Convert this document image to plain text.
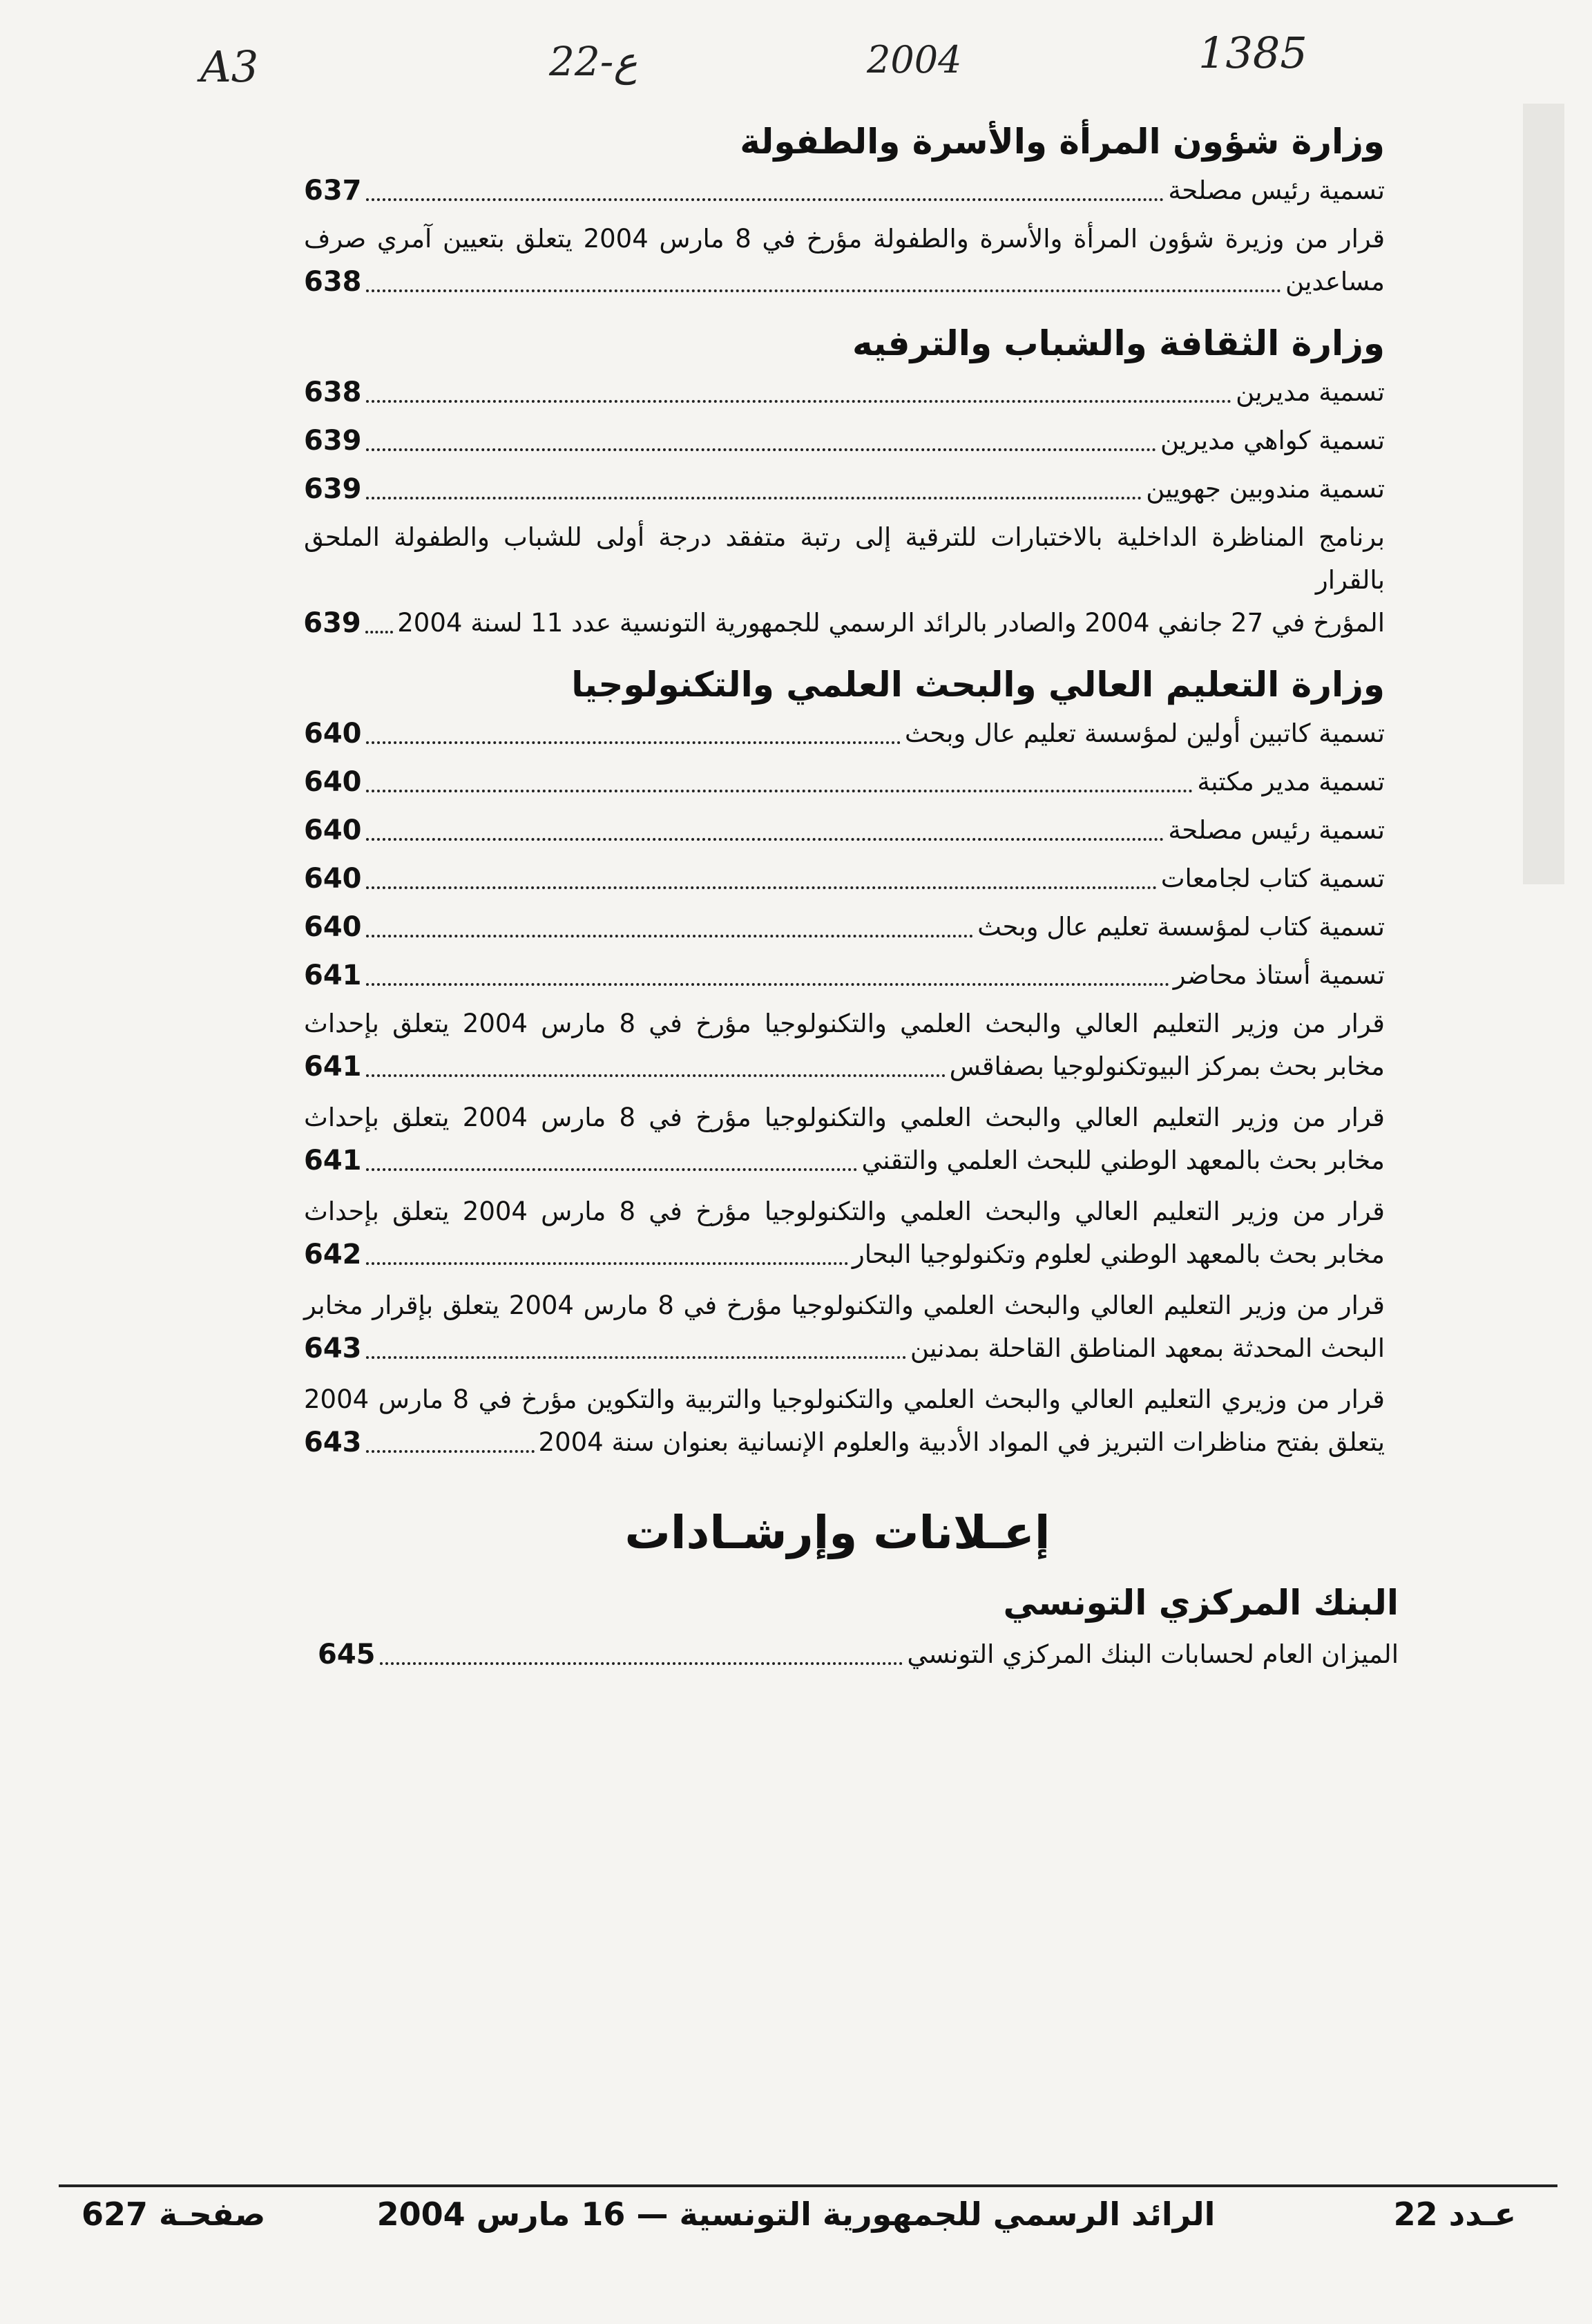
A3	22-ع	2004	1385

وزارة شؤون المرأة والأسرة والطفولة

تسمية رئيس مصلحة
637
قرار من وزيرة شؤون المرأة والأسرة والطفولة مؤرخ في 8 مارس 2004 يتعلق بتعيين آمري صرف
مساعدين
638

وزارة الثقافة والشباب والترفيه

تسمية مديرين
638
تسمية كواهي مديرين
639
تسمية مندوبين جهويين
639
برنامج المناظرة الداخلية بالاختبارات للترقية إلى رتبة متفقد درجة أولى للشباب والطفولة الملحق بالقرار
المؤرخ في 27 جانفي 2004 والصادر بالرائد الرسمي للجمهورية التونسية عدد 11 لسنة 2004
639

وزارة التعليم العالي والبحث العلمي والتكنولوجيا

تسمية كاتبين أولين لمؤسسة تعليم عال وبحث
640
تسمية مدير مكتبة
640
تسمية رئيس مصلحة
640
تسمية كتاب لجامعات
640
تسمية كتاب لمؤسسة تعليم عال وبحث
640
تسمية أستاذ محاضر
641
قرار من وزير التعليم العالي والبحث العلمي والتكنولوجيا مؤرخ في 8 مارس 2004 يتعلق بإحداث
مخابر بحث بمركز البيوتكنولوجيا بصفاقس
641
قرار من وزير التعليم العالي والبحث العلمي والتكنولوجيا مؤرخ في 8 مارس 2004 يتعلق بإحداث
مخابر بحث بالمعهد الوطني للبحث العلمي والتقني
641
قرار من وزير التعليم العالي والبحث العلمي والتكنولوجيا مؤرخ في 8 مارس 2004 يتعلق بإحداث
مخابر بحث بالمعهد الوطني لعلوم وتكنولوجيا البحار
642
قرار من وزير التعليم العالي والبحث العلمي والتكنولوجيا مؤرخ في 8 مارس 2004 يتعلق بإقرار مخابر
البحث المحدثة بمعهد المناطق القاحلة بمدنين
643
قرار من وزيري التعليم العالي والبحث العلمي والتكنولوجيا والتربية والتكوين مؤرخ في 8 مارس 2004
يتعلق بفتح مناظرات التبريز في المواد الأدبية والعلوم الإنسانية بعنوان سنة 2004
643
إعـلانات وإرشـادات

البنك المركزي التونسي

الميزان العام لحسابات البنك المركزي التونسي
645
عـدد 22
الرائد الرسمي للجمهورية التونسية — 16 مارس 2004
صفحـة 627
